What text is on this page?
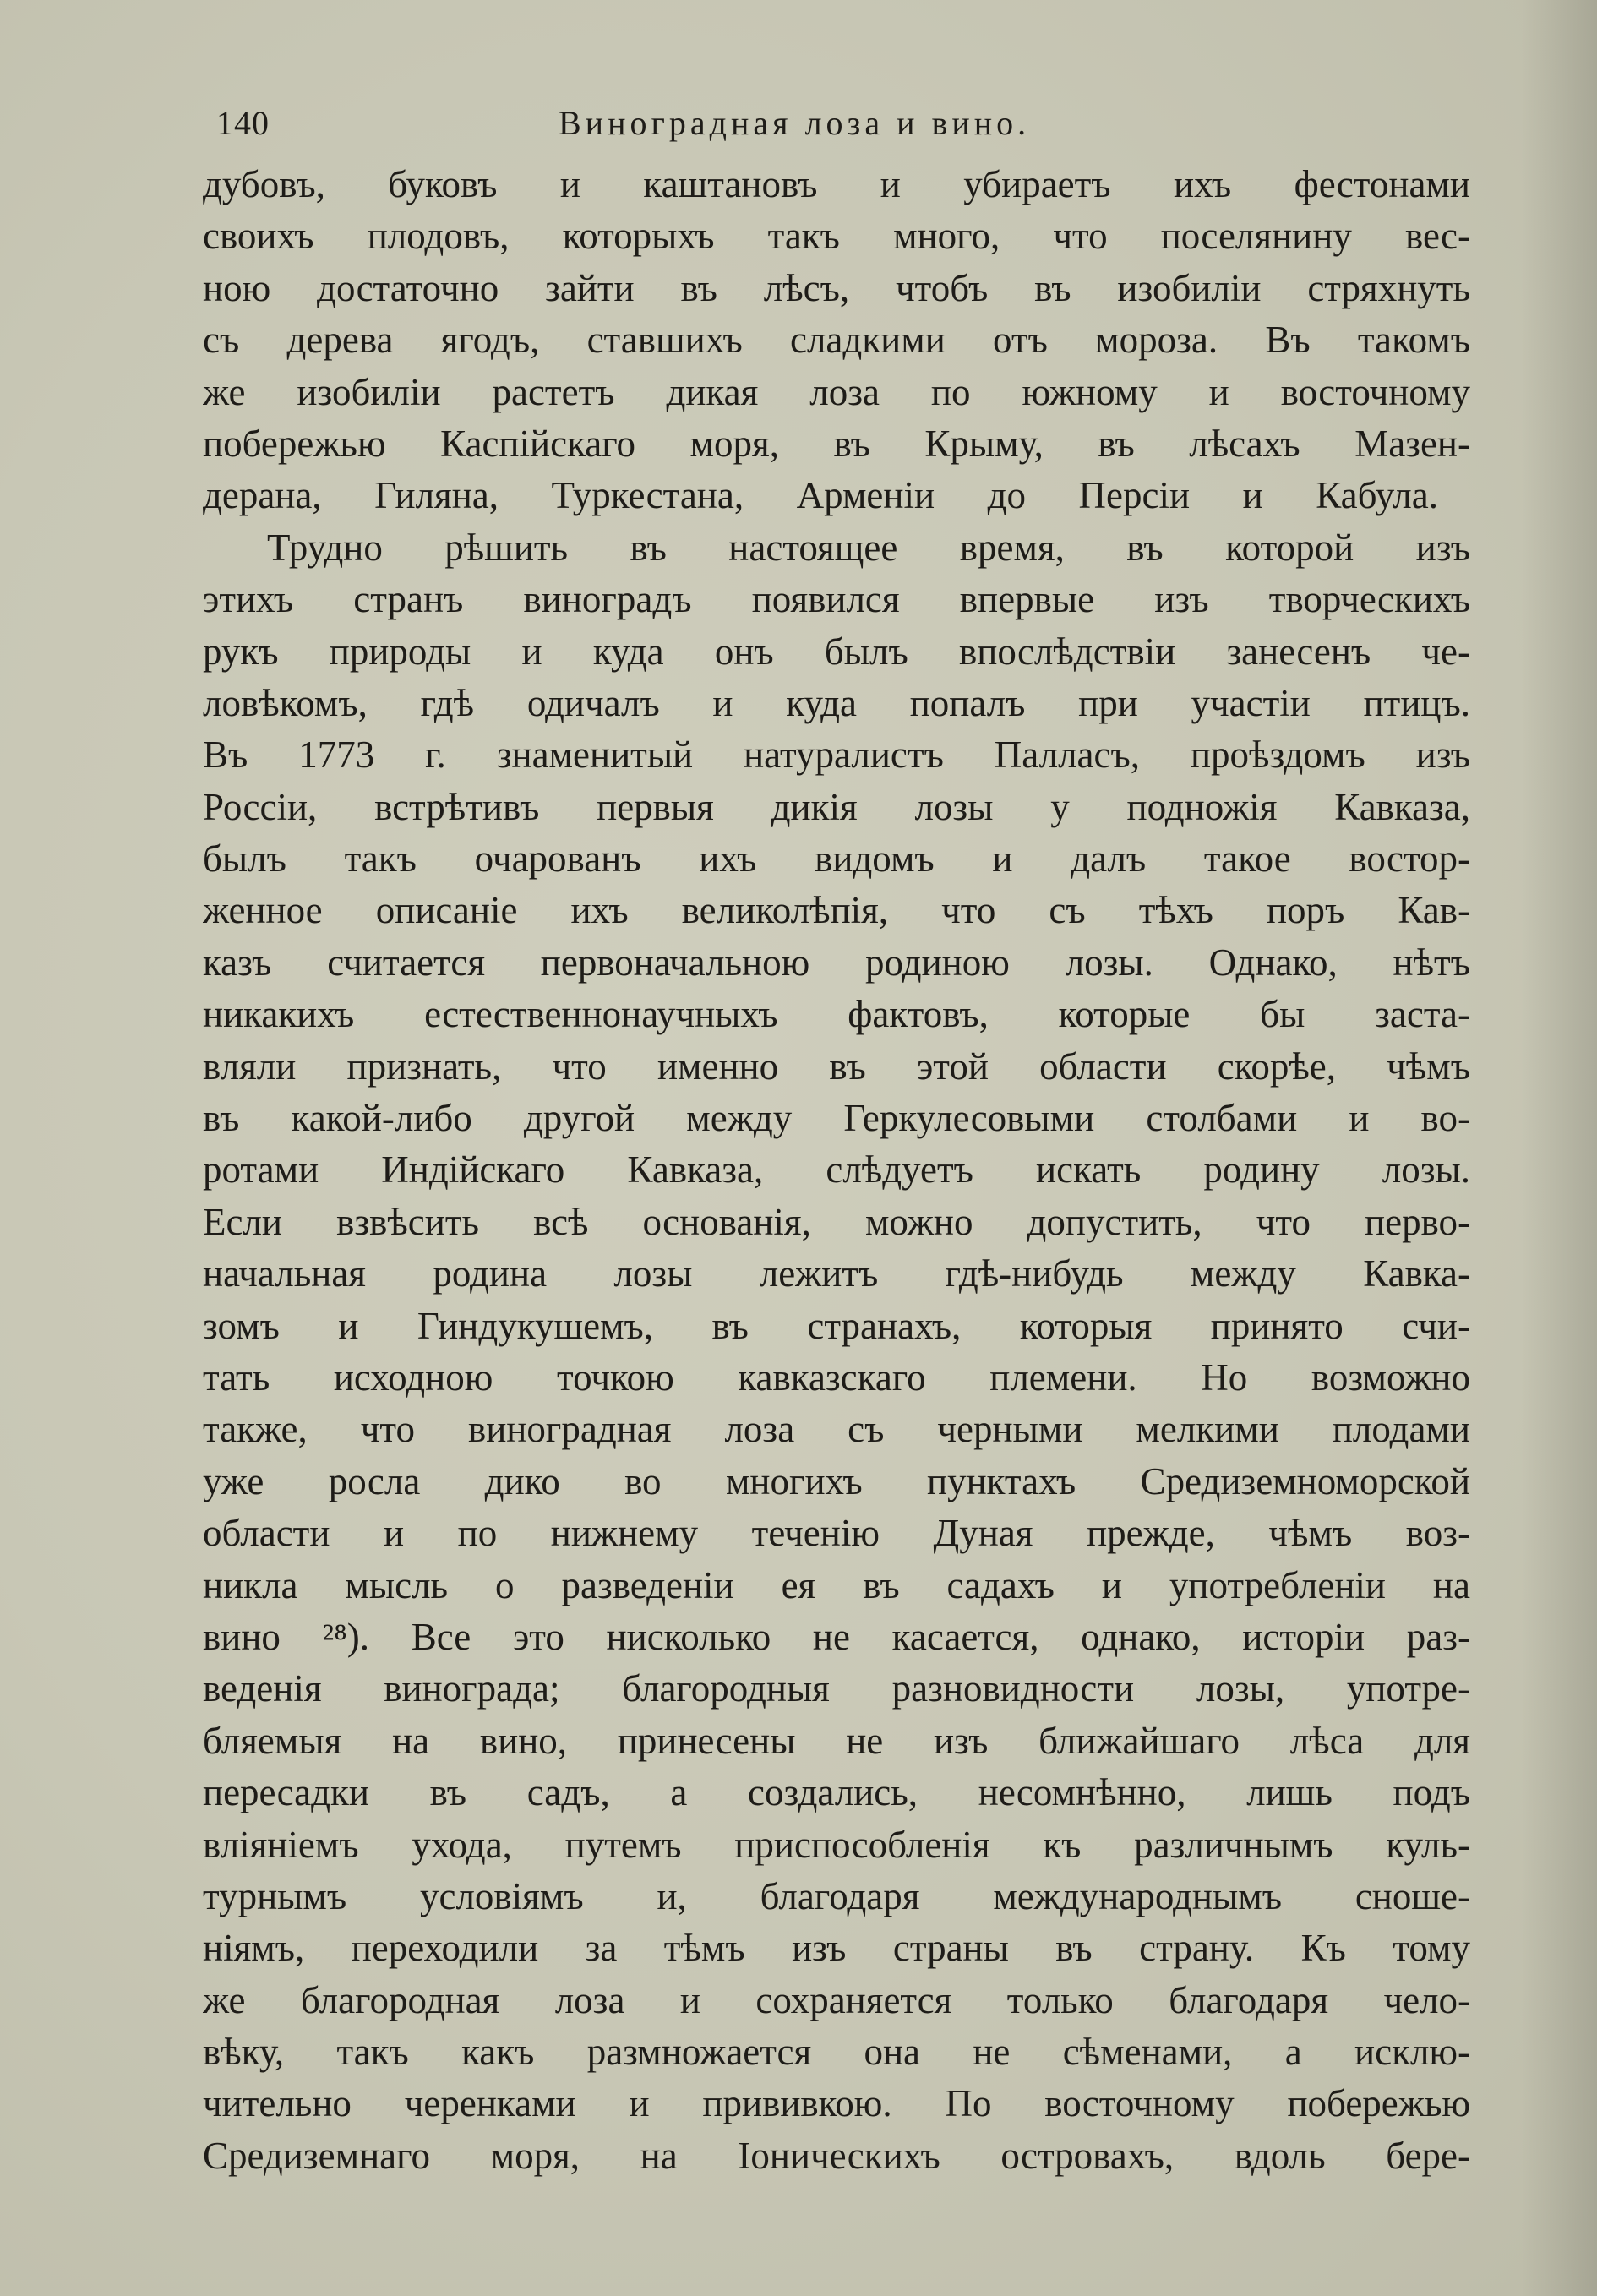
140	Виноградная лоза и вино.
дубовъ, буковъ и каштановъ и убираетъ ихъ фестонами
своихъ плодовъ, которыхъ такъ много, что поселянину вес-
ною достаточно зайти въ лѣсъ, чтобъ въ изобиліи стряхнуть
съ дерева ягодъ, ставшихъ сладкими отъ мороза. Въ такомъ
же изобиліи растетъ дикая лоза по южному и восточному
побережью Каспійскаго моря, въ Крыму, въ лѣсахъ Мазен-
дерана, Гиляна, Туркестана, Арменіи до Персіи и Кабула.
Трудно рѣшить въ настоящее время, въ которой изъ
этихъ странъ виноградъ появился впервые изъ творческихъ
рукъ природы и куда онъ былъ впослѣдствіи занесенъ че-
ловѣкомъ, гдѣ одичалъ и куда попалъ при участіи птицъ.
Въ 1773 г. знаменитый натуралистъ Палласъ, проѣздомъ изъ
Россіи, встрѣтивъ первыя дикія лозы у подножія Кавказа,
былъ такъ очарованъ ихъ видомъ и далъ такое востор-
женное описаніе ихъ великолѣпія, что съ тѣхъ поръ Кав-
казъ считается первоначальною родиною лозы. Однако, нѣтъ
никакихъ естественнонаучныхъ фактовъ, которые бы заста-
вляли признать, что именно въ этой области скорѣе, чѣмъ
въ какой-либо другой между Геркулесовыми столбами и во-
ротами Индійскаго Кавказа, слѣдуетъ искать родину лозы.
Если взвѣсить всѣ основанія, можно допустить, что перво-
начальная родина лозы лежитъ гдѣ-нибудь между Кавка-
зомъ и Гиндукушемъ, въ странахъ, которыя принято счи-
тать исходною точкою кавказскаго племени. Но возможно
также, что виноградная лоза съ черными мелкими плодами
уже росла дико во многихъ пунктахъ Средиземноморской
области и по нижнему теченію Дуная прежде, чѣмъ воз-
никла мысль о разведеніи ея въ садахъ и употребленіи на
вино ²⁸). Все это нисколько не касается, однако, исторіи раз-
веденія винограда; благородныя разновидности лозы, употре-
бляемыя на вино, принесены не изъ ближайшаго лѣса для
пересадки въ садъ, а создались, несомнѣнно, лишь подъ
вліяніемъ ухода, путемъ приспособленія къ различнымъ куль-
турнымъ условіямъ и, благодаря международнымъ сноше-
ніямъ, переходили за тѣмъ изъ страны въ страну. Къ тому
же благородная лоза и сохраняется только благодаря чело-
вѣку, такъ какъ размножается она не сѣменами, а исклю-
чительно черенками и прививкою. По восточному побережью
Средиземнаго моря, на Іоническихъ островахъ, вдоль бере-
